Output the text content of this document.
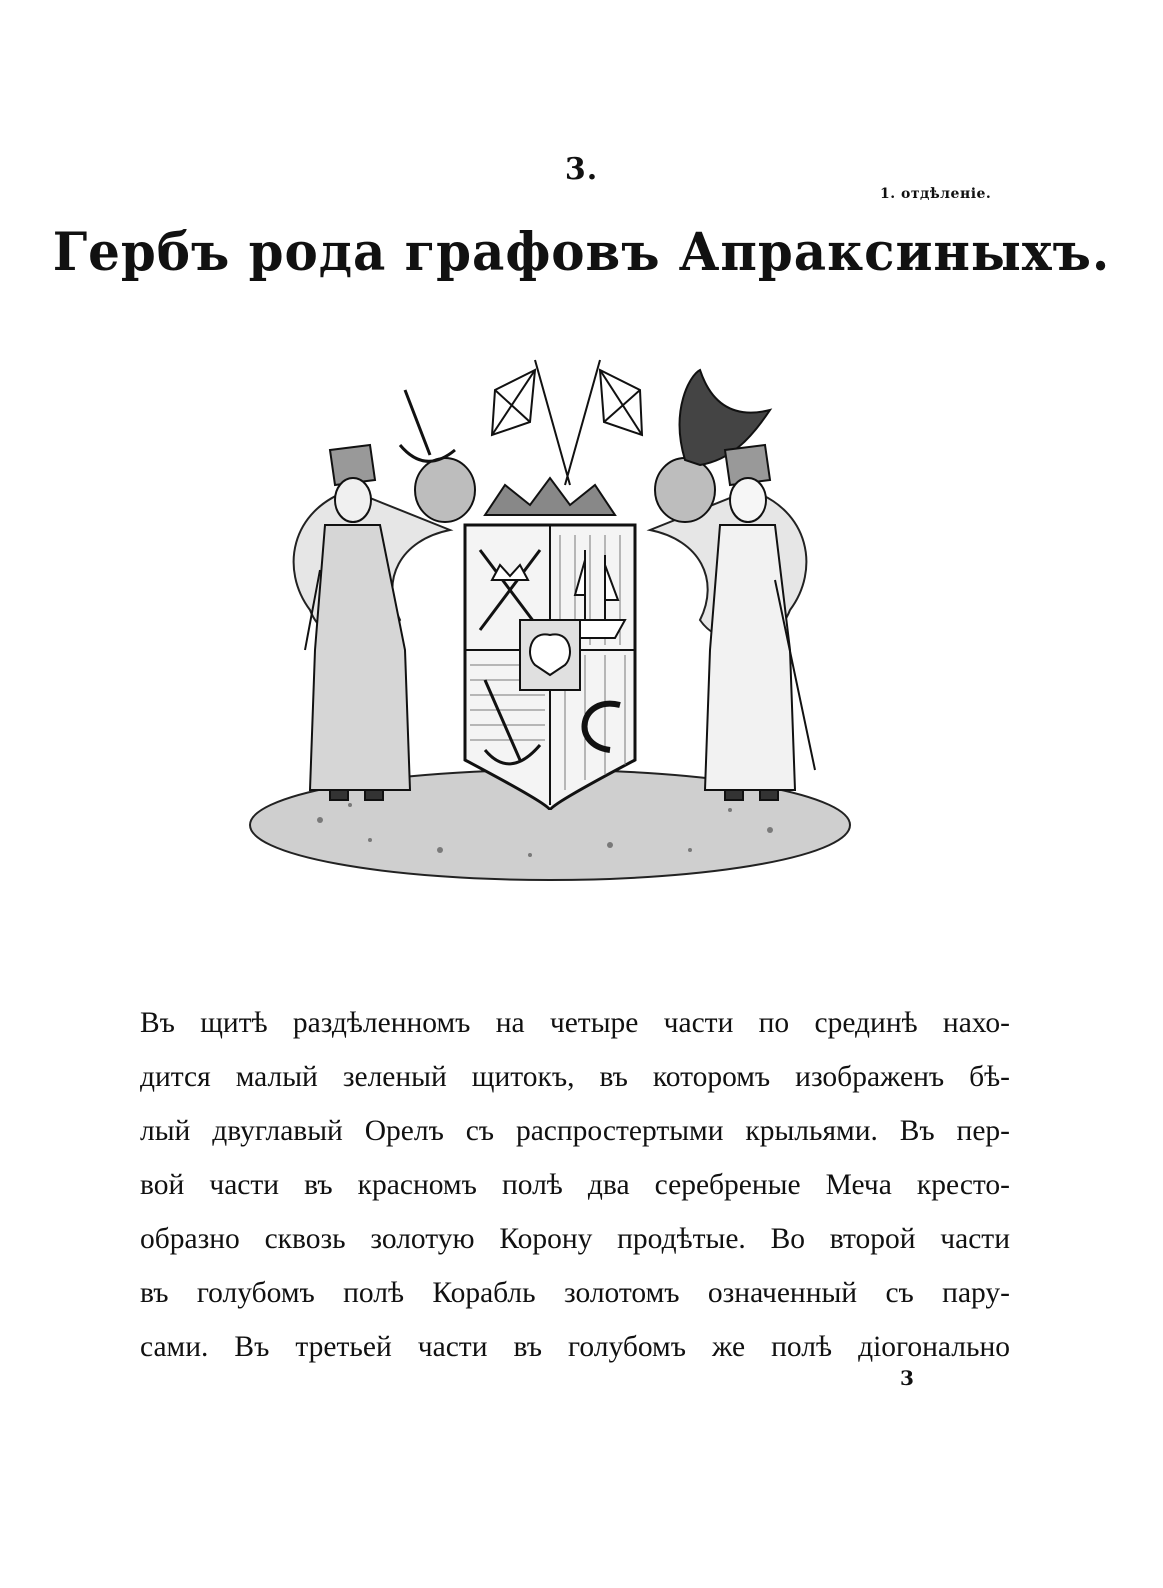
3.
1. отдѣленіе.
Гербъ рода графовъ Апраксиныхъ.
Въ щитѣ раздѣленномъ на четыре части по срединѣ нахо-
дится малый зеленый щитокъ, въ которомъ изображенъ бѣ-
лый двуглавый Орелъ съ распростертыми крыльями. Въ пер-
вой части въ красномъ полѣ два серебреные Меча кресто-
образно сквозь золотую Корону продѣтые. Во второй части
въ голубомъ полѣ Корабль золотомъ означенный съ пару-
сами. Въ третьей части въ голубомъ же полѣ діогонально
3
